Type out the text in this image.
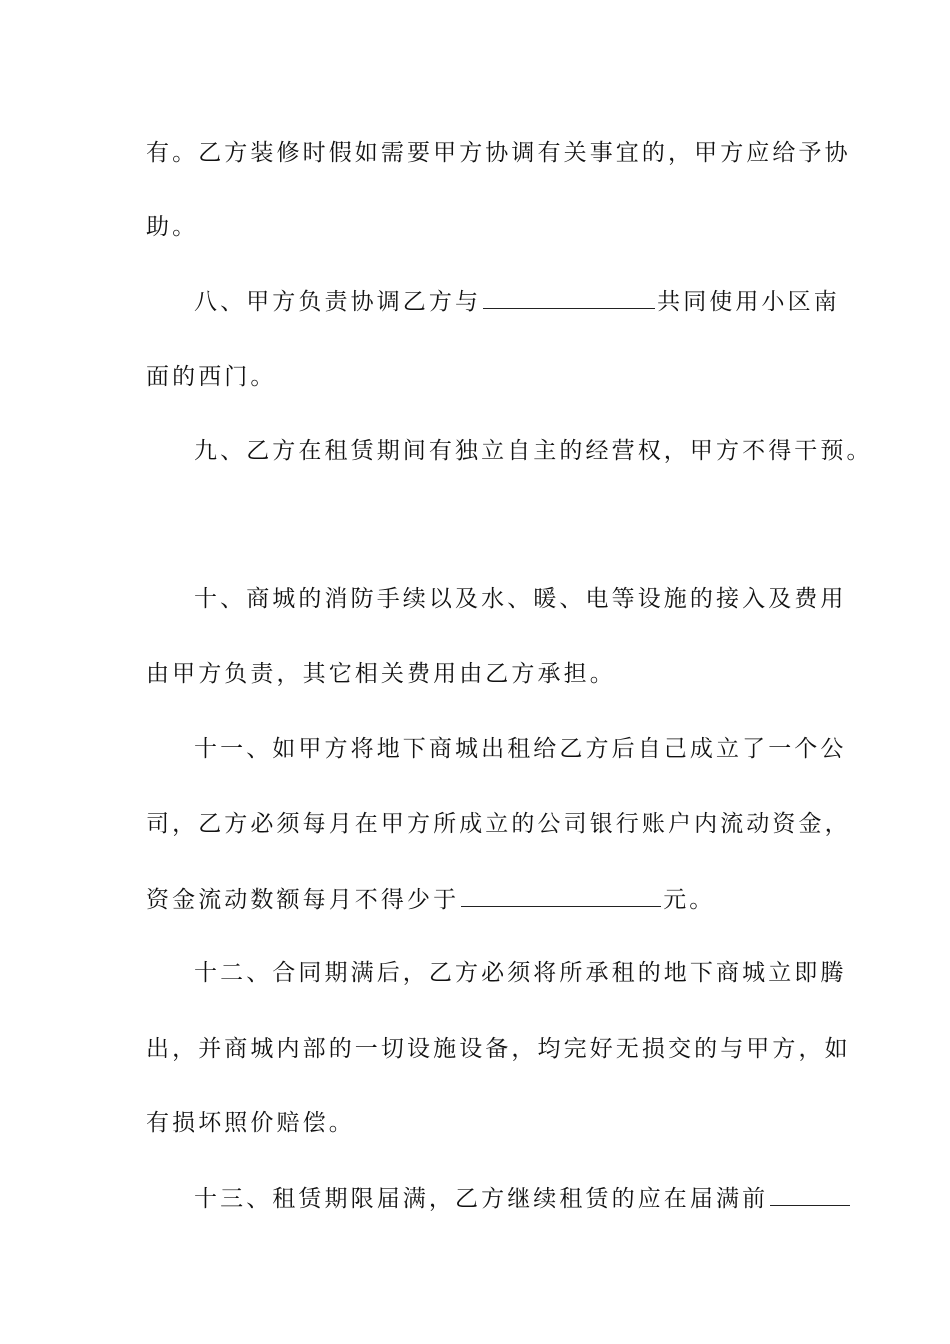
有。乙方装修时假如需要甲方协调有关事宜的，甲方应给予协
助。
八、甲方负责协调乙方与	共同使用小区南
面的西门。
九、乙方在租赁期间有独立自主的经营权，甲方不得干预。
十、商城的消防手续以及水、暖、电等设施的接入及费用
由甲方负责，其它相关费用由乙方承担。
十一、如甲方将地下商城出租给乙方后自己成立了一个公
司，乙方必须每月在甲方所成立的公司银行账户内流动资金，
资金流动数额每月不得少于	元。
十二、合同期满后，乙方必须将所承租的地下商城立即腾
出，并商城内部的一切设施设备，均完好无损交的与甲方，如
有损坏照价赔偿。
十三、租赁期限届满，乙方继续租赁的应在届满前
